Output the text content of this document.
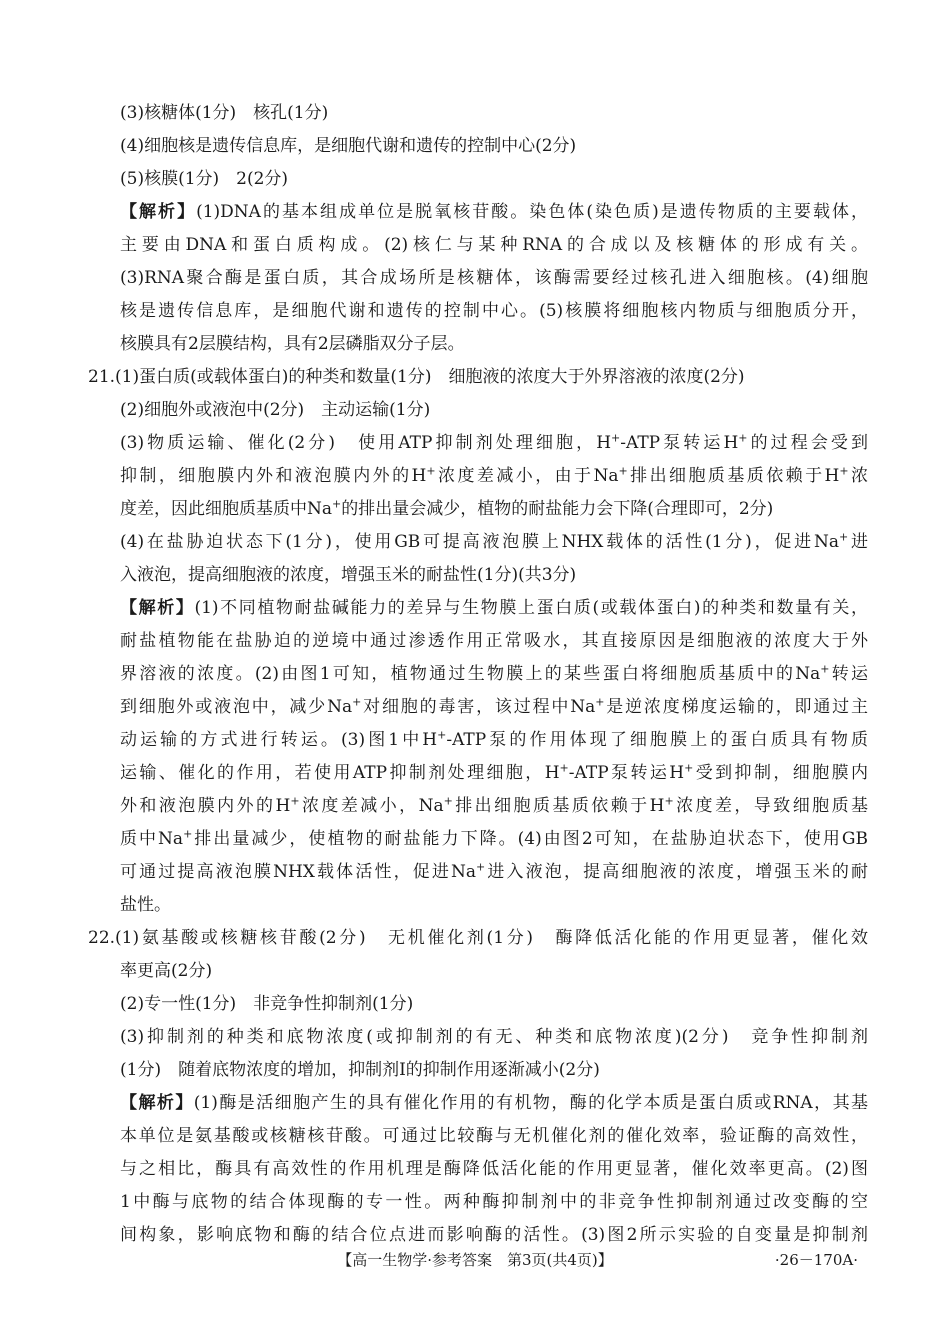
(3)核糖体(1分)　核孔(1分)
(4)细胞核是遗传信息库，是细胞代谢和遗传的控制中心(2分)
(5)核膜(1分)　2(2分)
【解析】(1)DNA的基本组成单位是脱氧核苷酸。染色体(染色质)是遗传物质的主要载体，
主要由DNA和蛋白质构成。(2)核仁与某种RNA的合成以及核糖体的形成有关。
(3)RNA聚合酶是蛋白质，其合成场所是核糖体，该酶需要经过核孔进入细胞核。(4)细胞
核是遗传信息库，是细胞代谢和遗传的控制中心。(5)核膜将细胞核内物质与细胞质分开，
核膜具有2层膜结构，具有2层磷脂双分子层。
21.(1)蛋白质(或载体蛋白)的种类和数量(1分)　细胞液的浓度大于外界溶液的浓度(2分)
(2)细胞外或液泡中(2分)　主动运输(1分)
(3)物质运输、催化(2分)　使用ATP抑制剂处理细胞，H+-ATP泵转运H+的过程会受到
抑制，细胞膜内外和液泡膜内外的H+浓度差减小，由于Na+排出细胞质基质依赖于H+浓
度差，因此细胞质基质中Na+的排出量会减少，植物的耐盐能力会下降(合理即可，2分)
(4)在盐胁迫状态下(1分)，使用GB可提高液泡膜上NHX载体的活性(1分)，促进Na+进
入液泡，提高细胞液的浓度，增强玉米的耐盐性(1分)(共3分)
【解析】(1)不同植物耐盐碱能力的差异与生物膜上蛋白质(或载体蛋白)的种类和数量有关，
耐盐植物能在盐胁迫的逆境中通过渗透作用正常吸水，其直接原因是细胞液的浓度大于外
界溶液的浓度。(2)由图1可知，植物通过生物膜上的某些蛋白将细胞质基质中的Na+转运
到细胞外或液泡中，减少Na+对细胞的毒害，该过程中Na+是逆浓度梯度运输的，即通过主
动运输的方式进行转运。(3)图1中H+-ATP泵的作用体现了细胞膜上的蛋白质具有物质
运输、催化的作用，若使用ATP抑制剂处理细胞，H+-ATP泵转运H+受到抑制，细胞膜内
外和液泡膜内外的H+浓度差减小，Na+排出细胞质基质依赖于H+浓度差，导致细胞质基
质中Na+排出量减少，使植物的耐盐能力下降。(4)由图2可知，在盐胁迫状态下，使用GB
可通过提高液泡膜NHX载体活性，促进Na+进入液泡，提高细胞液的浓度，增强玉米的耐
盐性。
22.(1)氨基酸或核糖核苷酸(2分)　无机催化剂(1分)　酶降低活化能的作用更显著，催化效
率更高(2分)
(2)专一性(1分)　非竞争性抑制剂(1分)
(3)抑制剂的种类和底物浓度(或抑制剂的有无、种类和底物浓度)(2分)　竞争性抑制剂
(1分)　随着底物浓度的增加，抑制剂Ⅰ的抑制作用逐渐减小(2分)
【解析】(1)酶是活细胞产生的具有催化作用的有机物，酶的化学本质是蛋白质或RNA，其基
本单位是氨基酸或核糖核苷酸。可通过比较酶与无机催化剂的催化效率，验证酶的高效性，
与之相比，酶具有高效性的作用机理是酶降低活化能的作用更显著，催化效率更高。(2)图
1中酶与底物的结合体现酶的专一性。两种酶抑制剂中的非竞争性抑制剂通过改变酶的空
间构象，影响底物和酶的结合位点进而影响酶的活性。(3)图2所示实验的自变量是抑制剂
【高一生物学·参考答案　第3页(共4页)】	·26－170A·
